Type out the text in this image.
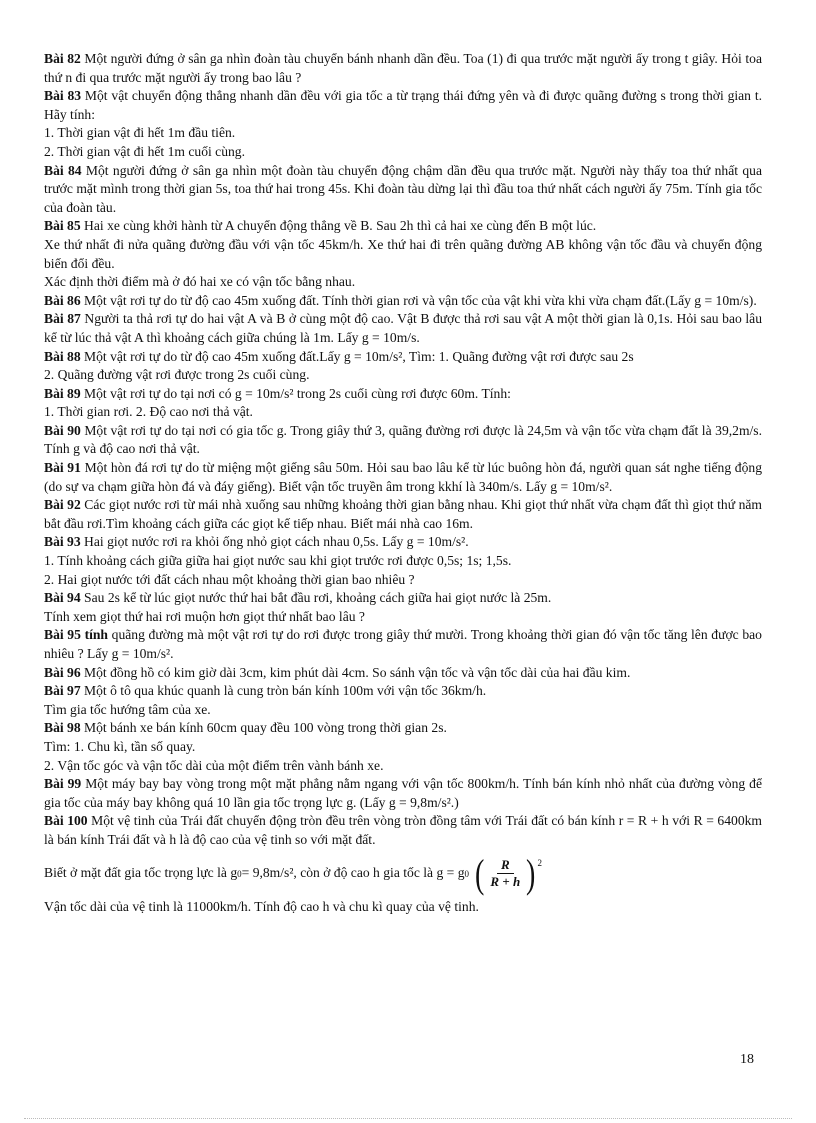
Bài 82 Một người đứng ở sân ga nhìn đoàn tàu chuyển bánh nhanh dần đều. Toa (1) đi qua trước mặt người ấy trong t giây. Hỏi toa thứ n đi qua trước mặt người ấy trong bao lâu ?

Bài 83 Một vật chuyển động thẳng nhanh dần đều với gia tốc a từ trạng thái đứng yên và đi được quãng đường s trong thời gian t. Hãy tính:

1. Thời gian vật đi hết 1m đầu tiên.

2. Thời gian vật đi hết 1m cuối cùng.

Bài 84 Một người đứng ở sân ga nhìn một đoàn tàu chuyển động chậm dần đều qua trước mặt. Người này thấy toa thứ nhất qua trước mặt mình trong thời gian 5s, toa thứ hai trong 45s. Khi đoàn tàu dừng lại thì đầu toa thứ nhất cách người ấy 75m. Tính gia tốc của đoàn tàu.

Bài 85 Hai xe cùng khởi hành từ A chuyển động thẳng về B. Sau 2h thì cả hai xe cùng đến B một lúc.

Xe thứ nhất đi nửa quãng đường đầu với vận tốc 45km/h. Xe thứ hai đi trên quãng đường AB không vận tốc đầu và chuyển động biến đổi đều.

Xác định thời điểm mà ở đó hai xe có vận tốc bằng nhau.

Bài 86 Một vật rơi tự do từ độ cao 45m xuống đất. Tính thời gian rơi và vận tốc của vật khi vừa khi vừa chạm đất.(Lấy g = 10m/s).

Bài 87 Người ta thả rơi tự do hai vật A và B ở cùng một độ cao. Vật B được thả rơi sau vật A một thời gian là 0,1s. Hỏi sau bao lâu kể từ lúc thả vật A thì khoảng cách giữa chúng là 1m. Lấy g = 10m/s.

Bài 88 Một vật rơi tự do từ độ cao 45m xuống đất.Lấy g = 10m/s², Tìm: 1. Quãng đường vật rơi được sau 2s

2. Quãng đường vật rơi được trong 2s cuối cùng.

Bài 89 Một vật rơi tự do tại nơi có g = 10m/s² trong 2s cuối cùng rơi được 60m. Tính:

1. Thời gian rơi. 2. Độ cao nơi thả vật.

Bài 90 Một vật rơi tự do tại nơi có gia tốc g. Trong giây thứ 3, quãng đường rơi được là 24,5m và vận tốc vừa chạm đất là 39,2m/s. Tính g và độ cao nơi thả vật.

Bài 91 Một hòn đá rơi tự do từ miệng một giếng sâu 50m. Hỏi sau bao lâu kể từ lúc buông hòn đá, người quan sát nghe tiếng động (do sự va chạm giữa hòn đá và đáy giếng). Biết vận tốc truyền âm trong kkhí là 340m/s. Lấy g = 10m/s².

Bài 92 Các giọt nước rơi từ mái nhà xuống sau những khoảng thời gian bằng nhau. Khi giọt thứ nhất vừa chạm đất thì giọt thứ năm bắt đầu rơi.Tìm khoảng cách giữa các giọt kế tiếp nhau. Biết mái nhà cao 16m.

Bài 93 Hai giọt nước rơi ra khỏi ống nhỏ giọt cách nhau 0,5s. Lấy g = 10m/s².

1. Tính khoảng cách giữa giữa hai giọt nước sau khi giọt trước rơi được 0,5s; 1s; 1,5s.

2. Hai giọt nước tới đất cách nhau một khoảng thời gian bao nhiêu ?

Bài 94 Sau 2s kể từ lúc giọt nước thứ hai bắt đầu rơi, khoảng cách giữa hai giọt nước là 25m.

Tính xem giọt thứ hai rơi muộn hơn giọt thứ nhất bao lâu ?

Bài 95 tính quãng đường mà một vật rơi tự do rơi được trong giây thứ mười. Trong khoảng thời gian đó vận tốc tăng lên được bao nhiêu ? Lấy g = 10m/s².

Bài 96 Một đồng hồ có kim giờ dài 3cm, kim phút dài 4cm. So sánh vận tốc và vận tốc dài của hai đầu kim.

Bài 97 Một ô tô qua khúc quanh là cung tròn bán kính 100m với vận tốc 36km/h.

Tìm gia tốc hướng tâm của xe.

Bài 98 Một bánh xe bán kính 60cm quay đều 100 vòng trong thời gian 2s.

Tìm: 1. Chu kì, tần số quay.

2. Vận tốc góc và vận tốc dài của một điểm trên vành bánh xe.

Bài 99 Một máy bay bay vòng trong một mặt phẳng nằm ngang với vận tốc 800km/h. Tính bán kính nhỏ nhất của đường vòng để gia tốc của máy bay không quá 10 lần gia tốc trọng lực g. (Lấy g = 9,8m/s².)

Bài 100 Một vệ tinh của Trái đất chuyển động tròn đều trên vòng tròn đồng tâm với Trái đất có bán kính r = R + h với R = 6400km là bán kính Trái đất và h là độ cao của vệ tinh so với mặt đất.

Biết ở mặt đất gia tốc trọng lực là g 0 = 9,8m/s², còn ở độ cao h gia tốc là g = g 0 ( $\frac{R}{R + h}$ ) 2

Vận tốc dài của vệ tinh là 11000km/h. Tính độ cao h và chu kì quay của vệ tinh.

18
